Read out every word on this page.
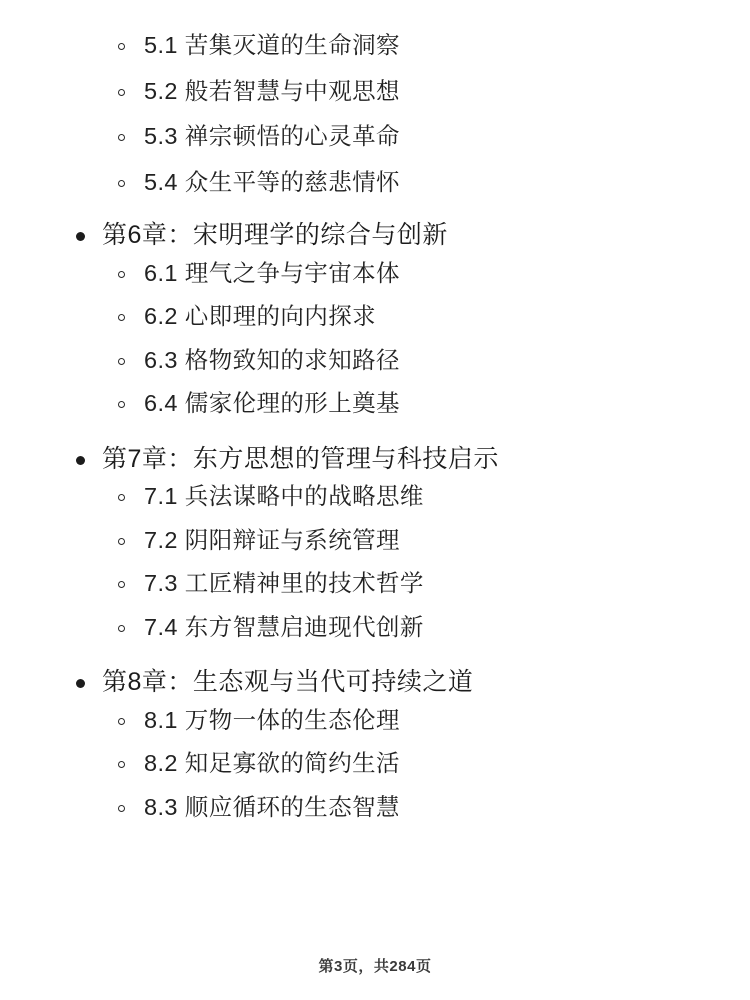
5.1 苦集灭道的生命洞察
5.2 般若智慧与中观思想
5.3 禅宗顿悟的心灵革命
5.4 众生平等的慈悲情怀
第6章：宋明理学的综合与创新
6.1 理气之争与宇宙本体
6.2 心即理的向内探求
6.3 格物致知的求知路径
6.4 儒家伦理的形上奠基
第7章：东方思想的管理与科技启示
7.1 兵法谋略中的战略思维
7.2 阴阳辩证与系统管理
7.3 工匠精神里的技术哲学
7.4 东方智慧启迪现代创新
第8章：生态观与当代可持续之道
8.1 万物一体的生态伦理
8.2 知足寡欲的简约生活
8.3 顺应循环的生态智慧
第3页，共284页
